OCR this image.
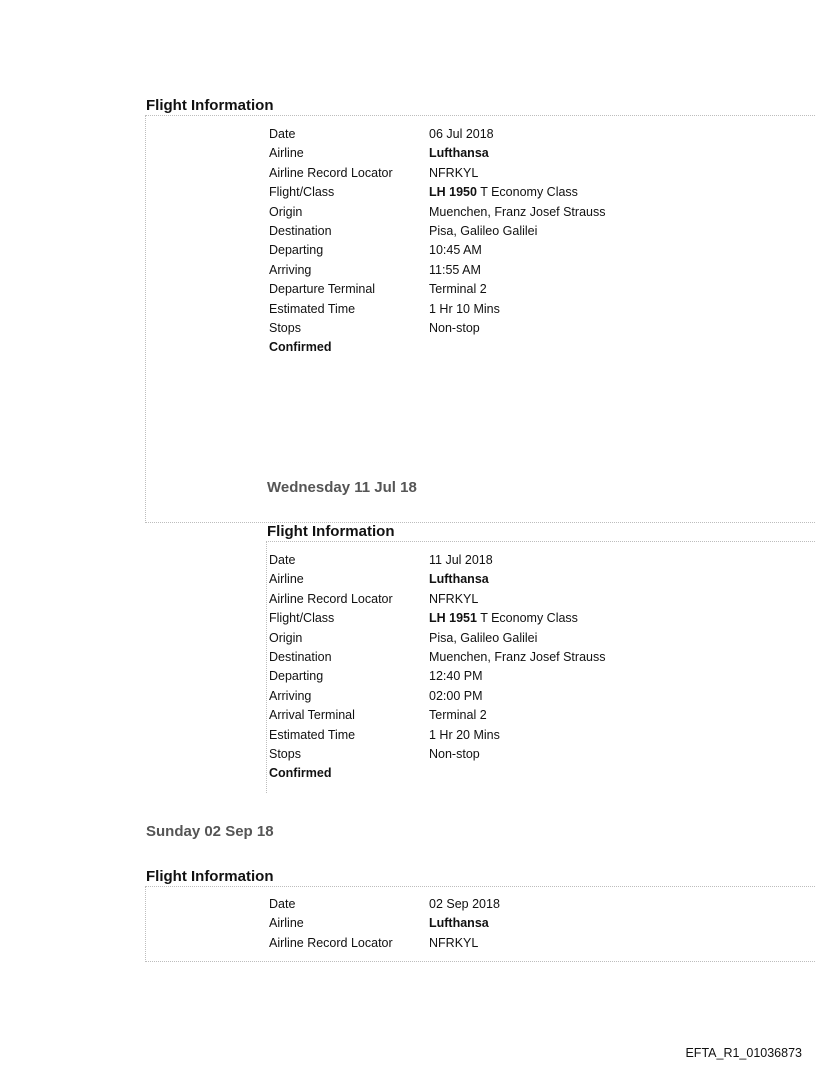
Flight Information
Date	06 Jul 2018
Airline	Lufthansa
Airline Record Locator	NFRKYL
Flight/Class	LH 1950 T Economy Class
Origin	Muenchen, Franz Josef Strauss
Destination	Pisa, Galileo Galilei
Departing	10:45 AM
Arriving	11:55 AM
Departure Terminal	Terminal 2
Estimated Time	1 Hr 10 Mins
Stops	Non-stop
Confirmed
Wednesday 11 Jul 18
Flight Information
Date	11 Jul 2018
Airline	Lufthansa
Airline Record Locator	NFRKYL
Flight/Class	LH 1951 T Economy Class
Origin	Pisa, Galileo Galilei
Destination	Muenchen, Franz Josef Strauss
Departing	12:40 PM
Arriving	02:00 PM
Arrival Terminal	Terminal 2
Estimated Time	1 Hr 20 Mins
Stops	Non-stop
Confirmed
Sunday 02 Sep 18
Flight Information
Date	02 Sep 2018
Airline	Lufthansa
Airline Record Locator	NFRKYL
EFTA_R1_01036873
